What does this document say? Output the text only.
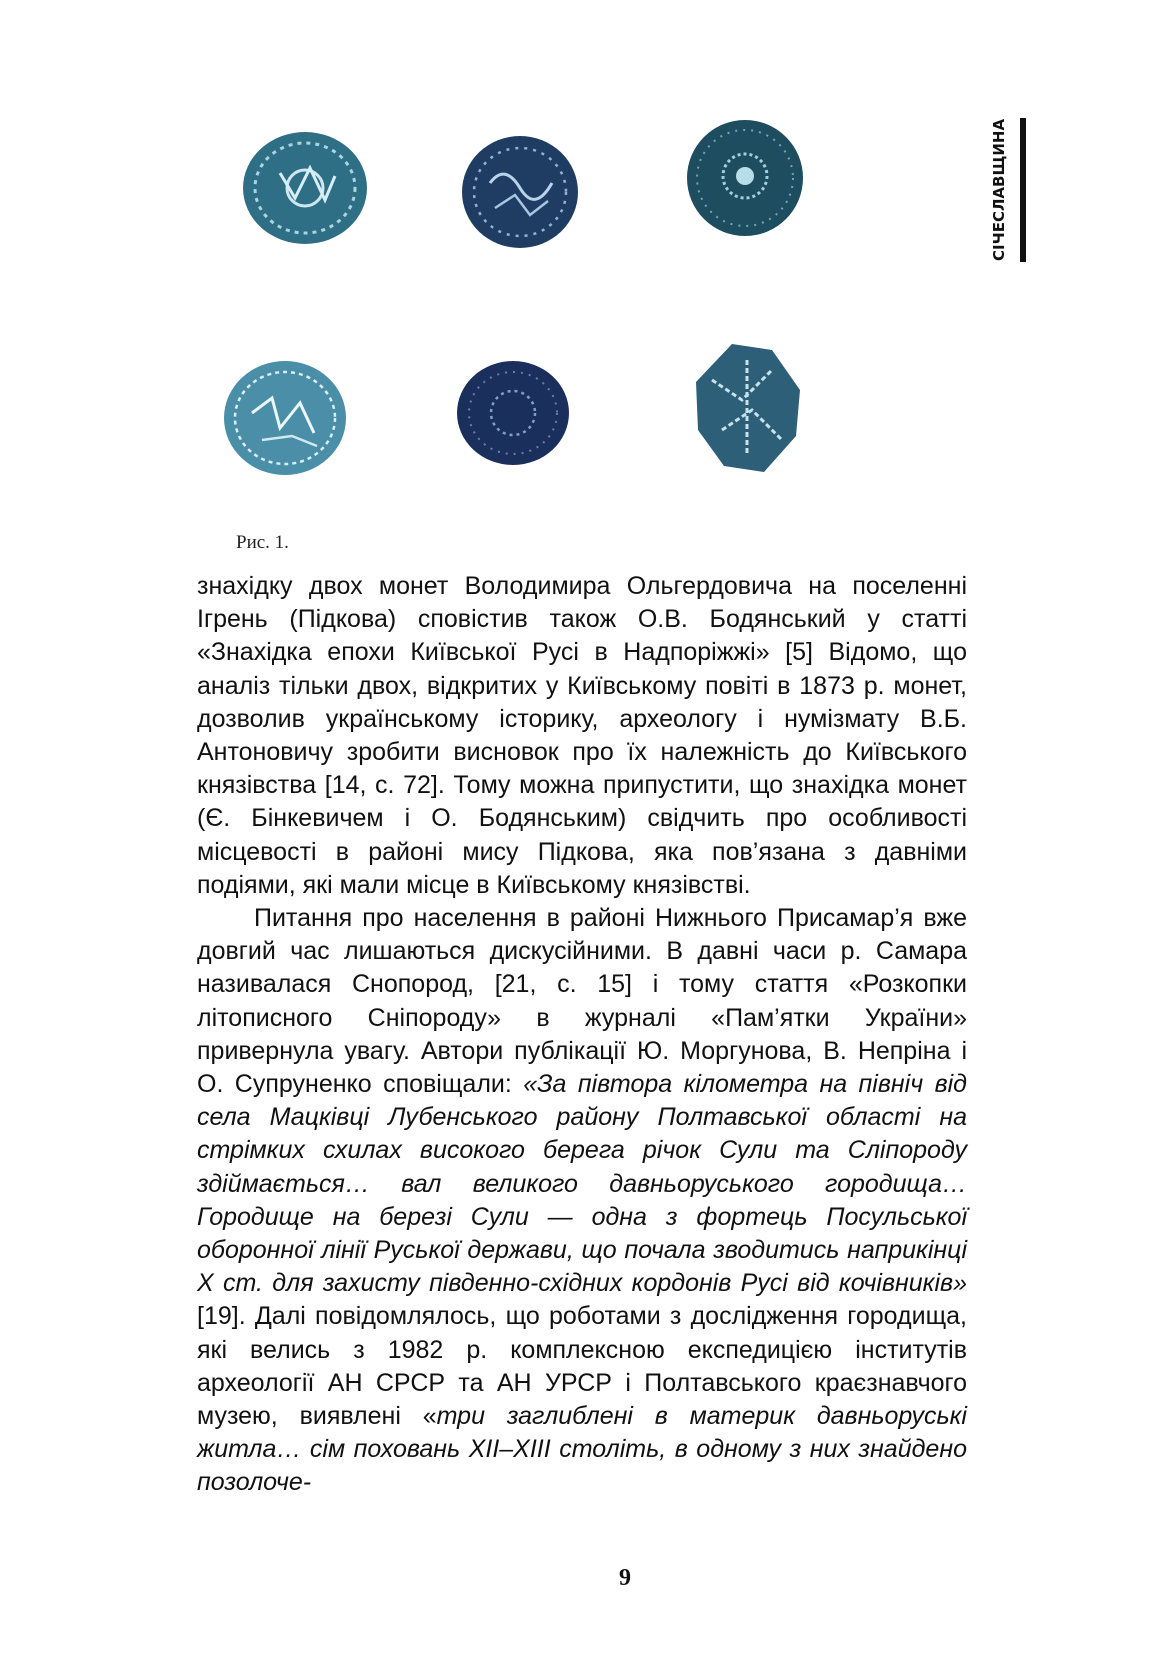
СІЧЕСЛАВЩИНА
Рис. 1.

знахідку двох монет Володимира Ольгердовича на поселенні Ігрень (Підкова) сповістив також О.В. Бодянський у статті «Знахідка епохи Київської Русі в Надпоріжжі» [5] Відомо, що аналіз тільки двох, відкритих у Київському повіті в 1873 р. монет, дозволив українському історику, археологу і нумізмату В.Б. Антоновичу зробити висновок про їх належність до Київського князівства [14, с. 72]. Тому можна припустити, що знахідка монет (Є. Бінкевичем і О. Бодянським) свідчить про особливості місцевості в районі мису Підкова, яка пов’язана з давніми подіями, які мали місце в Київському князівстві.

Питання про населення в районі Нижнього Присамар’я вже довгий час лишаються дискусійними. В давні часи р. Самара називалася Снопород, [21, с. 15] і тому стаття «Розкопки літописного Сніпороду» в журналі «Пам’ятки України» привернула увагу. Автори публікації Ю. Моргунова, В. Непріна і О. Супруненко сповіщали: «За півтора кілометра на північ від села Мацківці Лубенського району Полтавської області на стрімких схилах високого берега річок Сули та Сліпороду здіймається… вал великого давньоруського городища… Городище на березі Сули — одна з фортець Посульської оборонної лінії Руської держави, що почала зводитись наприкінці X ст. для захисту південно-східних кордонів Русі від кочівників» [19]. Далі повідомлялось, що роботами з дослідження городища, які велись з 1982 р. комплексною експедицією інститутів археології АН СРСР та АН УРСР і Полтавського краєзнавчого музею, виявлені «три заглиблені в материк давньоруські житла… сім поховань XII–XIII століть, в одному з них знайдено позолоче-

9
